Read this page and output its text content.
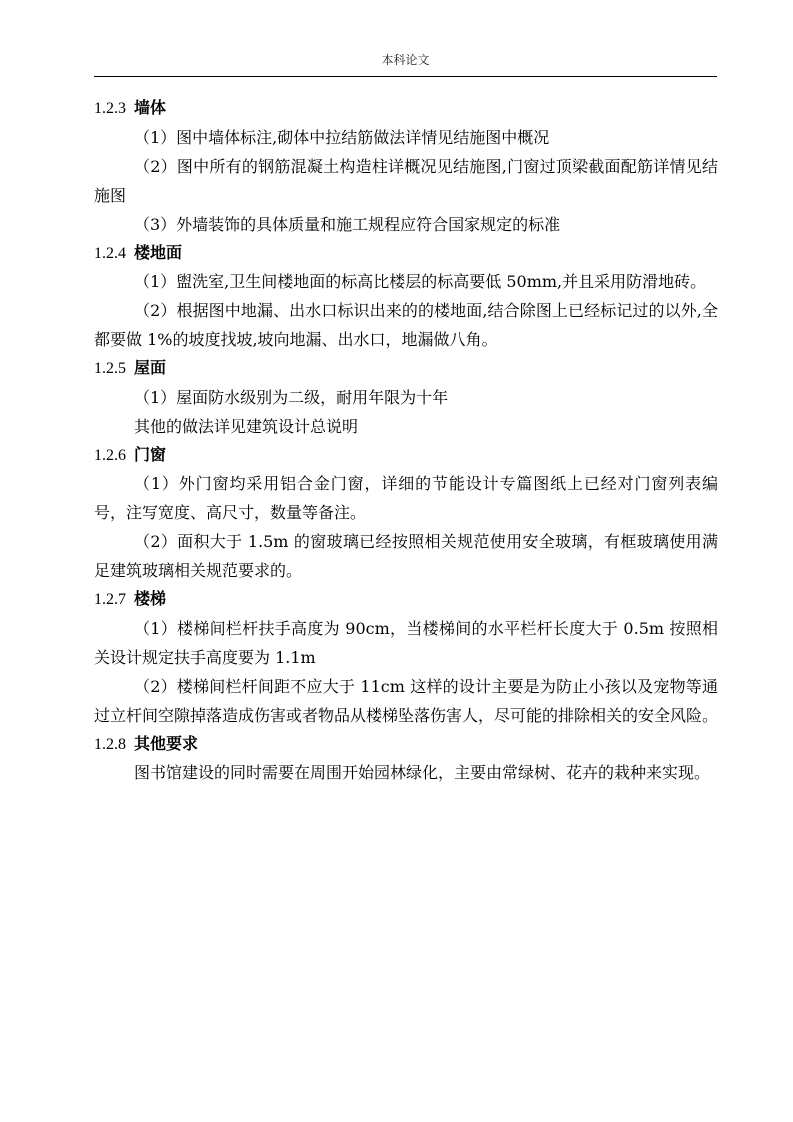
本科论文

1.2.3 墙体

（1）图中墙体标注,砌体中拉结筋做法详情见结施图中概况

（2）图中所有的钢筋混凝土构造柱详概况见结施图,门窗过顶梁截面配筋详情见结施图

（3）外墙装饰的具体质量和施工规程应符合国家规定的标准

1.2.4 楼地面

（1）盥洗室,卫生间楼地面的标高比楼层的标高要低 50mm,并且采用防滑地砖。

（2）根据图中地漏、出水口标识出来的的楼地面,结合除图上已经标记过的以外,全都要做 1%的坡度找坡,坡向地漏、出水口，地漏做八角。

1.2.5 屋面

（1）屋面防水级别为二级，耐用年限为十年

其他的做法详见建筑设计总说明

1.2.6 门窗

（1）外门窗均采用铝合金门窗，详细的节能设计专篇图纸上已经对门窗列表编号，注写宽度、高尺寸，数量等备注。

（2）面积大于 1.5m 的窗玻璃已经按照相关规范使用安全玻璃，有框玻璃使用满足建筑玻璃相关规范要求的。

1.2.7 楼梯

（1）楼梯间栏杆扶手高度为 90cm，当楼梯间的水平栏杆长度大于 0.5m 按照相关设计规定扶手高度要为 1.1m

（2）楼梯间栏杆间距不应大于 11cm 这样的设计主要是为防止小孩以及宠物等通过立杆间空隙掉落造成伤害或者物品从楼梯坠落伤害人，尽可能的排除相关的安全风险。

1.2.8 其他要求

图书馆建设的同时需要在周围开始园林绿化，主要由常绿树、花卉的栽种来实现。
